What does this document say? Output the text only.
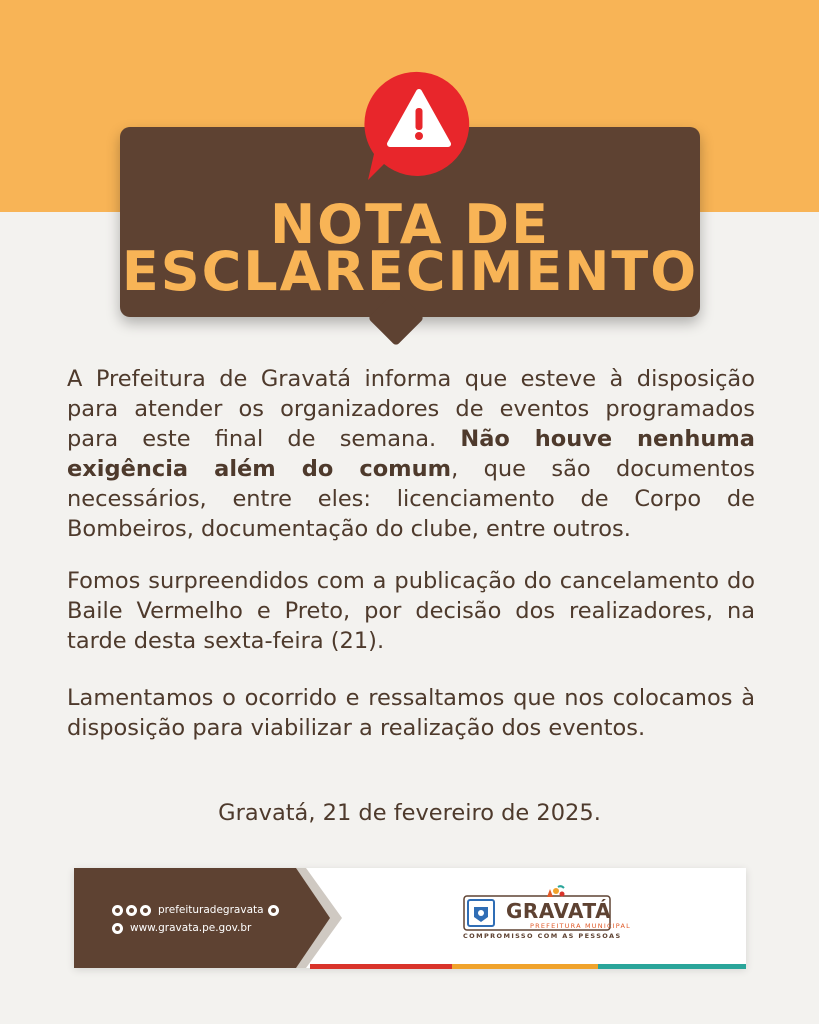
NOTA DE
ESCLARECIMENTO
A Prefeitura de Gravatá informa que esteve à disposição para atender os organizadores de eventos programados para este final de semana. Não houve nenhuma exigência além do comum, que são documentos necessários, entre eles: licenciamento de Corpo de Bombeiros, documentação do clube, entre outros.
Fomos surpreendidos com a publicação do cancelamento do Baile Vermelho e Preto, por decisão dos realizadores, na tarde desta sexta-feira (21).
Lamentamos o ocorrido e ressaltamos que nos colocamos à disposição para viabilizar a realização dos eventos.
Gravatá, 21 de fevereiro de 2025.
prefeituradegravata
www.gravata.pe.gov.br
GRAVATÁ
PREFEITURA MUNICIPAL
COMPROMISSO COM AS PESSOAS
